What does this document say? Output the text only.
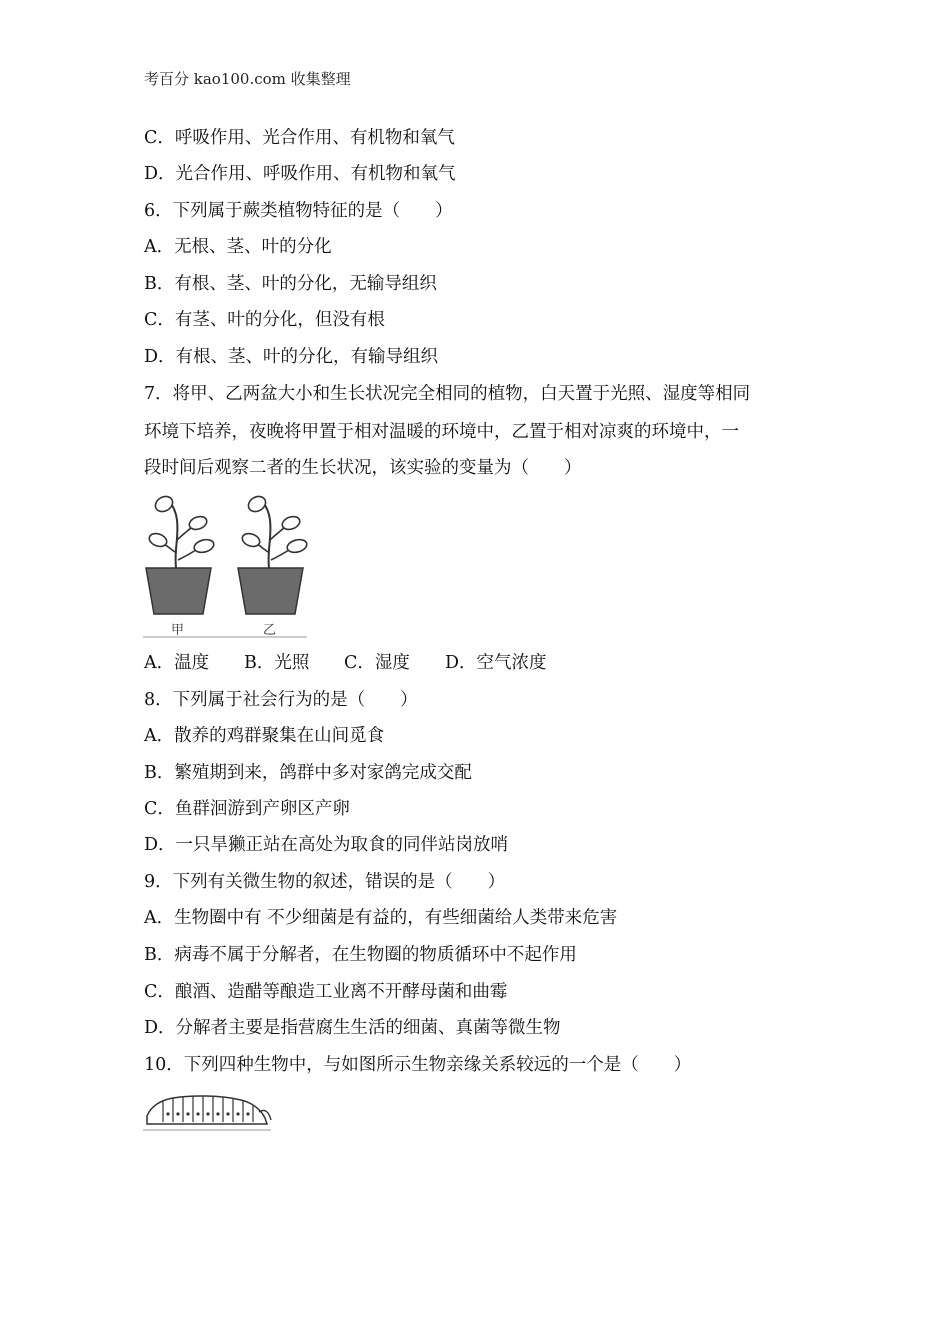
考百分 kao100.com 收集整理
C．呼吸作用、光合作用、有机物和氧气
D．光合作用、呼吸作用、有机物和氧气
6．下列属于蕨类植物特征的是（　　）
A．无根、茎、叶的分化
B．有根、茎、叶的分化，无输导组织
C．有茎、叶的分化，但没有根
D．有根、茎、叶的分化，有输导组织
7．将甲、乙两盆大小和生长状况完全相同的植物，白天置于光照、湿度等相同
环境下培养，夜晚将甲置于相对温暖的环境中，乙置于相对凉爽的环境中，一
段时间后观察二者的生长状况，该实验的变量为（　　）
甲	乙
A．温度 B．光照 C．湿度 D．空气浓度
8．下列属于社会行为的是（　　）
A．散养的鸡群聚集在山间觅食
B．繁殖期到来，鸽群中多对家鸽完成交配
C．鱼群洄游到产卵区产卵
D．一只旱獭正站在高处为取食的同伴站岗放哨
9．下列有关微生物的叙述，错误的是（　　）
A．生物圈中有 不少细菌是有益的，有些细菌给人类带来危害
B．病毒不属于分解者，在生物圈的物质循环中不起作用
C．酿酒、造醋等酿造工业离不开酵母菌和曲霉
D．分解者主要是指营腐生生活的细菌、真菌等微生物
10．下列四种生物中，与如图所示生物亲缘关系较远的一个是（　　）
